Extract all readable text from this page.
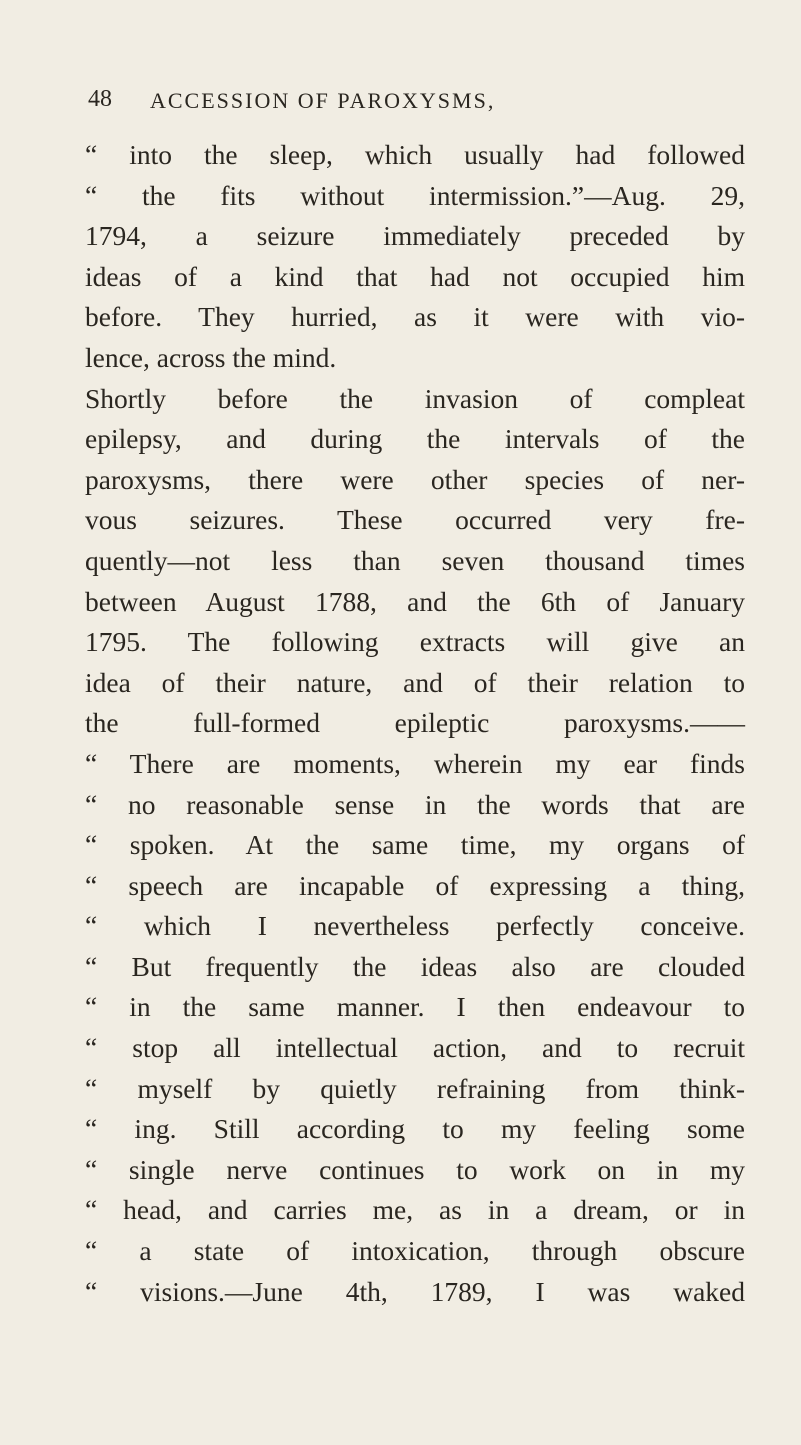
48 ACCESSION OF PAROXYSMS,
“ into the sleep, which usually had followed
“ the fits without intermission.”—Aug. 29,
1794, a seizure immediately preceded by
ideas of a kind that had not occupied him
before. They hurried, as it were with vio-
lence, across the mind.
Shortly before the invasion of compleat
epilepsy, and during the intervals of the
paroxysms, there were other species of ner-
vous seizures. These occurred very fre-
quently—not less than seven thousand times
between August 1788, and the 6th of January
1795. The following extracts will give an
idea of their nature, and of their relation to
the full-formed epileptic paroxysms.——
“ There are moments, wherein my ear finds
“ no reasonable sense in the words that are
“ spoken. At the same time, my organs of
“ speech are incapable of expressing a thing,
“ which I nevertheless perfectly conceive.
“ But frequently the ideas also are clouded
“ in the same manner. I then endeavour to
“ stop all intellectual action, and to recruit
“ myself by quietly refraining from think-
“ ing. Still according to my feeling some
“ single nerve continues to work on in my
“ head, and carries me, as in a dream, or in
“ a state of intoxication, through obscure
“ visions.—June 4th, 1789, I was waked
